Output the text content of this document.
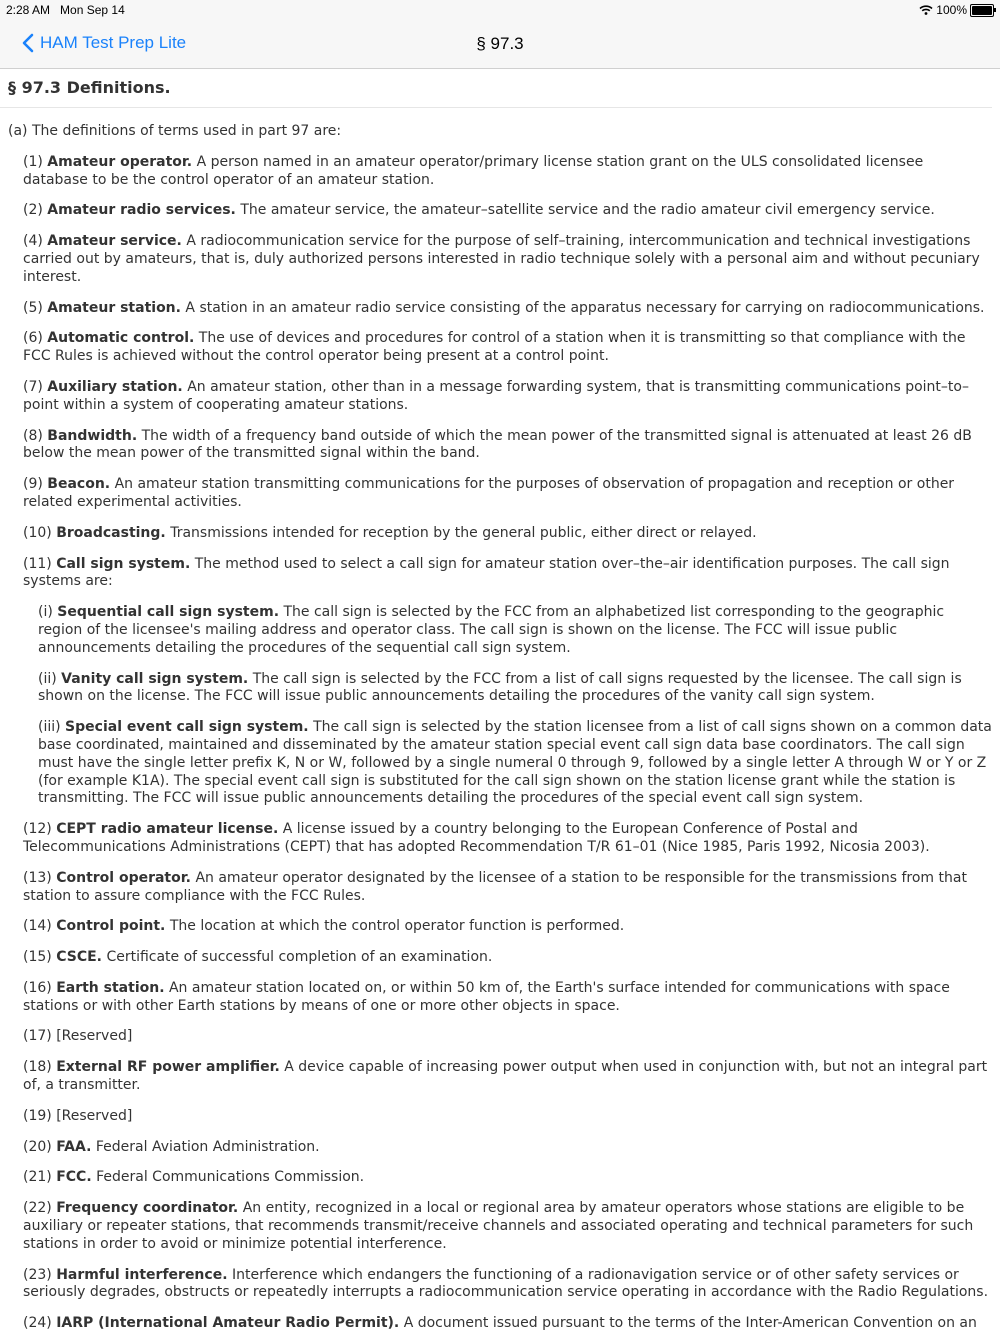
2:28 AM Mon Sep 14	100%
HAM Test Prep Lite	§ 97.3
§ 97.3 Definitions.

(a) The definitions of terms used in part 97 are:

(1) Amateur operator. A person named in an amateur operator/primary license station grant on the ULS consolidated licensee database to be the control operator of an amateur station.

(2) Amateur radio services. The amateur service, the amateur–satellite service and the radio amateur civil emergency service.

(4) Amateur service. A radiocommunication service for the purpose of self–training, intercommunication and technical investigations carried out by amateurs, that is, duly authorized persons interested in radio technique solely with a personal aim and without pecuniary interest.

(5) Amateur station. A station in an amateur radio service consisting of the apparatus necessary for carrying on radiocommunications.

(6) Automatic control. The use of devices and procedures for control of a station when it is transmitting so that compliance with the FCC Rules is achieved without the control operator being present at a control point.

(7) Auxiliary station. An amateur station, other than in a message forwarding system, that is transmitting communications point–to–point within a system of cooperating amateur stations.

(8) Bandwidth. The width of a frequency band outside of which the mean power of the transmitted signal is attenuated at least 26 dB below the mean power of the transmitted signal within the band.

(9) Beacon. An amateur station transmitting communications for the purposes of observation of propagation and reception or other related experimental activities.

(10) Broadcasting. Transmissions intended for reception by the general public, either direct or relayed.

(11) Call sign system. The method used to select a call sign for amateur station over–the–air identification purposes. The call sign systems are:

(i) Sequential call sign system. The call sign is selected by the FCC from an alphabetized list corresponding to the geographic region of the licensee's mailing address and operator class. The call sign is shown on the license. The FCC will issue public announcements detailing the procedures of the sequential call sign system.

(ii) Vanity call sign system. The call sign is selected by the FCC from a list of call signs requested by the licensee. The call sign is shown on the license. The FCC will issue public announcements detailing the procedures of the vanity call sign system.

(iii) Special event call sign system. The call sign is selected by the station licensee from a list of call signs shown on a common data base coordinated, maintained and disseminated by the amateur station special event call sign data base coordinators. The call sign must have the single letter prefix K, N or W, followed by a single numeral 0 through 9, followed by a single letter A through W or Y or Z (for example K1A). The special event call sign is substituted for the call sign shown on the station license grant while the station is transmitting. The FCC will issue public announcements detailing the procedures of the special event call sign system.

(12) CEPT radio amateur license. A license issued by a country belonging to the European Conference of Postal and Telecommunications Administrations (CEPT) that has adopted Recommendation T/R 61–01 (Nice 1985, Paris 1992, Nicosia 2003).

(13) Control operator. An amateur operator designated by the licensee of a station to be responsible for the transmissions from that station to assure compliance with the FCC Rules.

(14) Control point. The location at which the control operator function is performed.

(15) CSCE. Certificate of successful completion of an examination.

(16) Earth station. An amateur station located on, or within 50 km of, the Earth's surface intended for communications with space stations or with other Earth stations by means of one or more other objects in space.

(17) [Reserved]

(18) External RF power amplifier. A device capable of increasing power output when used in conjunction with, but not an integral part of, a transmitter.

(19) [Reserved]

(20) FAA. Federal Aviation Administration.

(21) FCC. Federal Communications Commission.

(22) Frequency coordinator. An entity, recognized in a local or regional area by amateur operators whose stations are eligible to be auxiliary or repeater stations, that recommends transmit/receive channels and associated operating and technical parameters for such stations in order to avoid or minimize potential interference.

(23) Harmful interference. Interference which endangers the functioning of a radionavigation service or of other safety services or seriously degrades, obstructs or repeatedly interrupts a radiocommunication service operating in accordance with the Radio Regulations.

(24) IARP (International Amateur Radio Permit). A document issued pursuant to the terms of the Inter-American Convention on an
